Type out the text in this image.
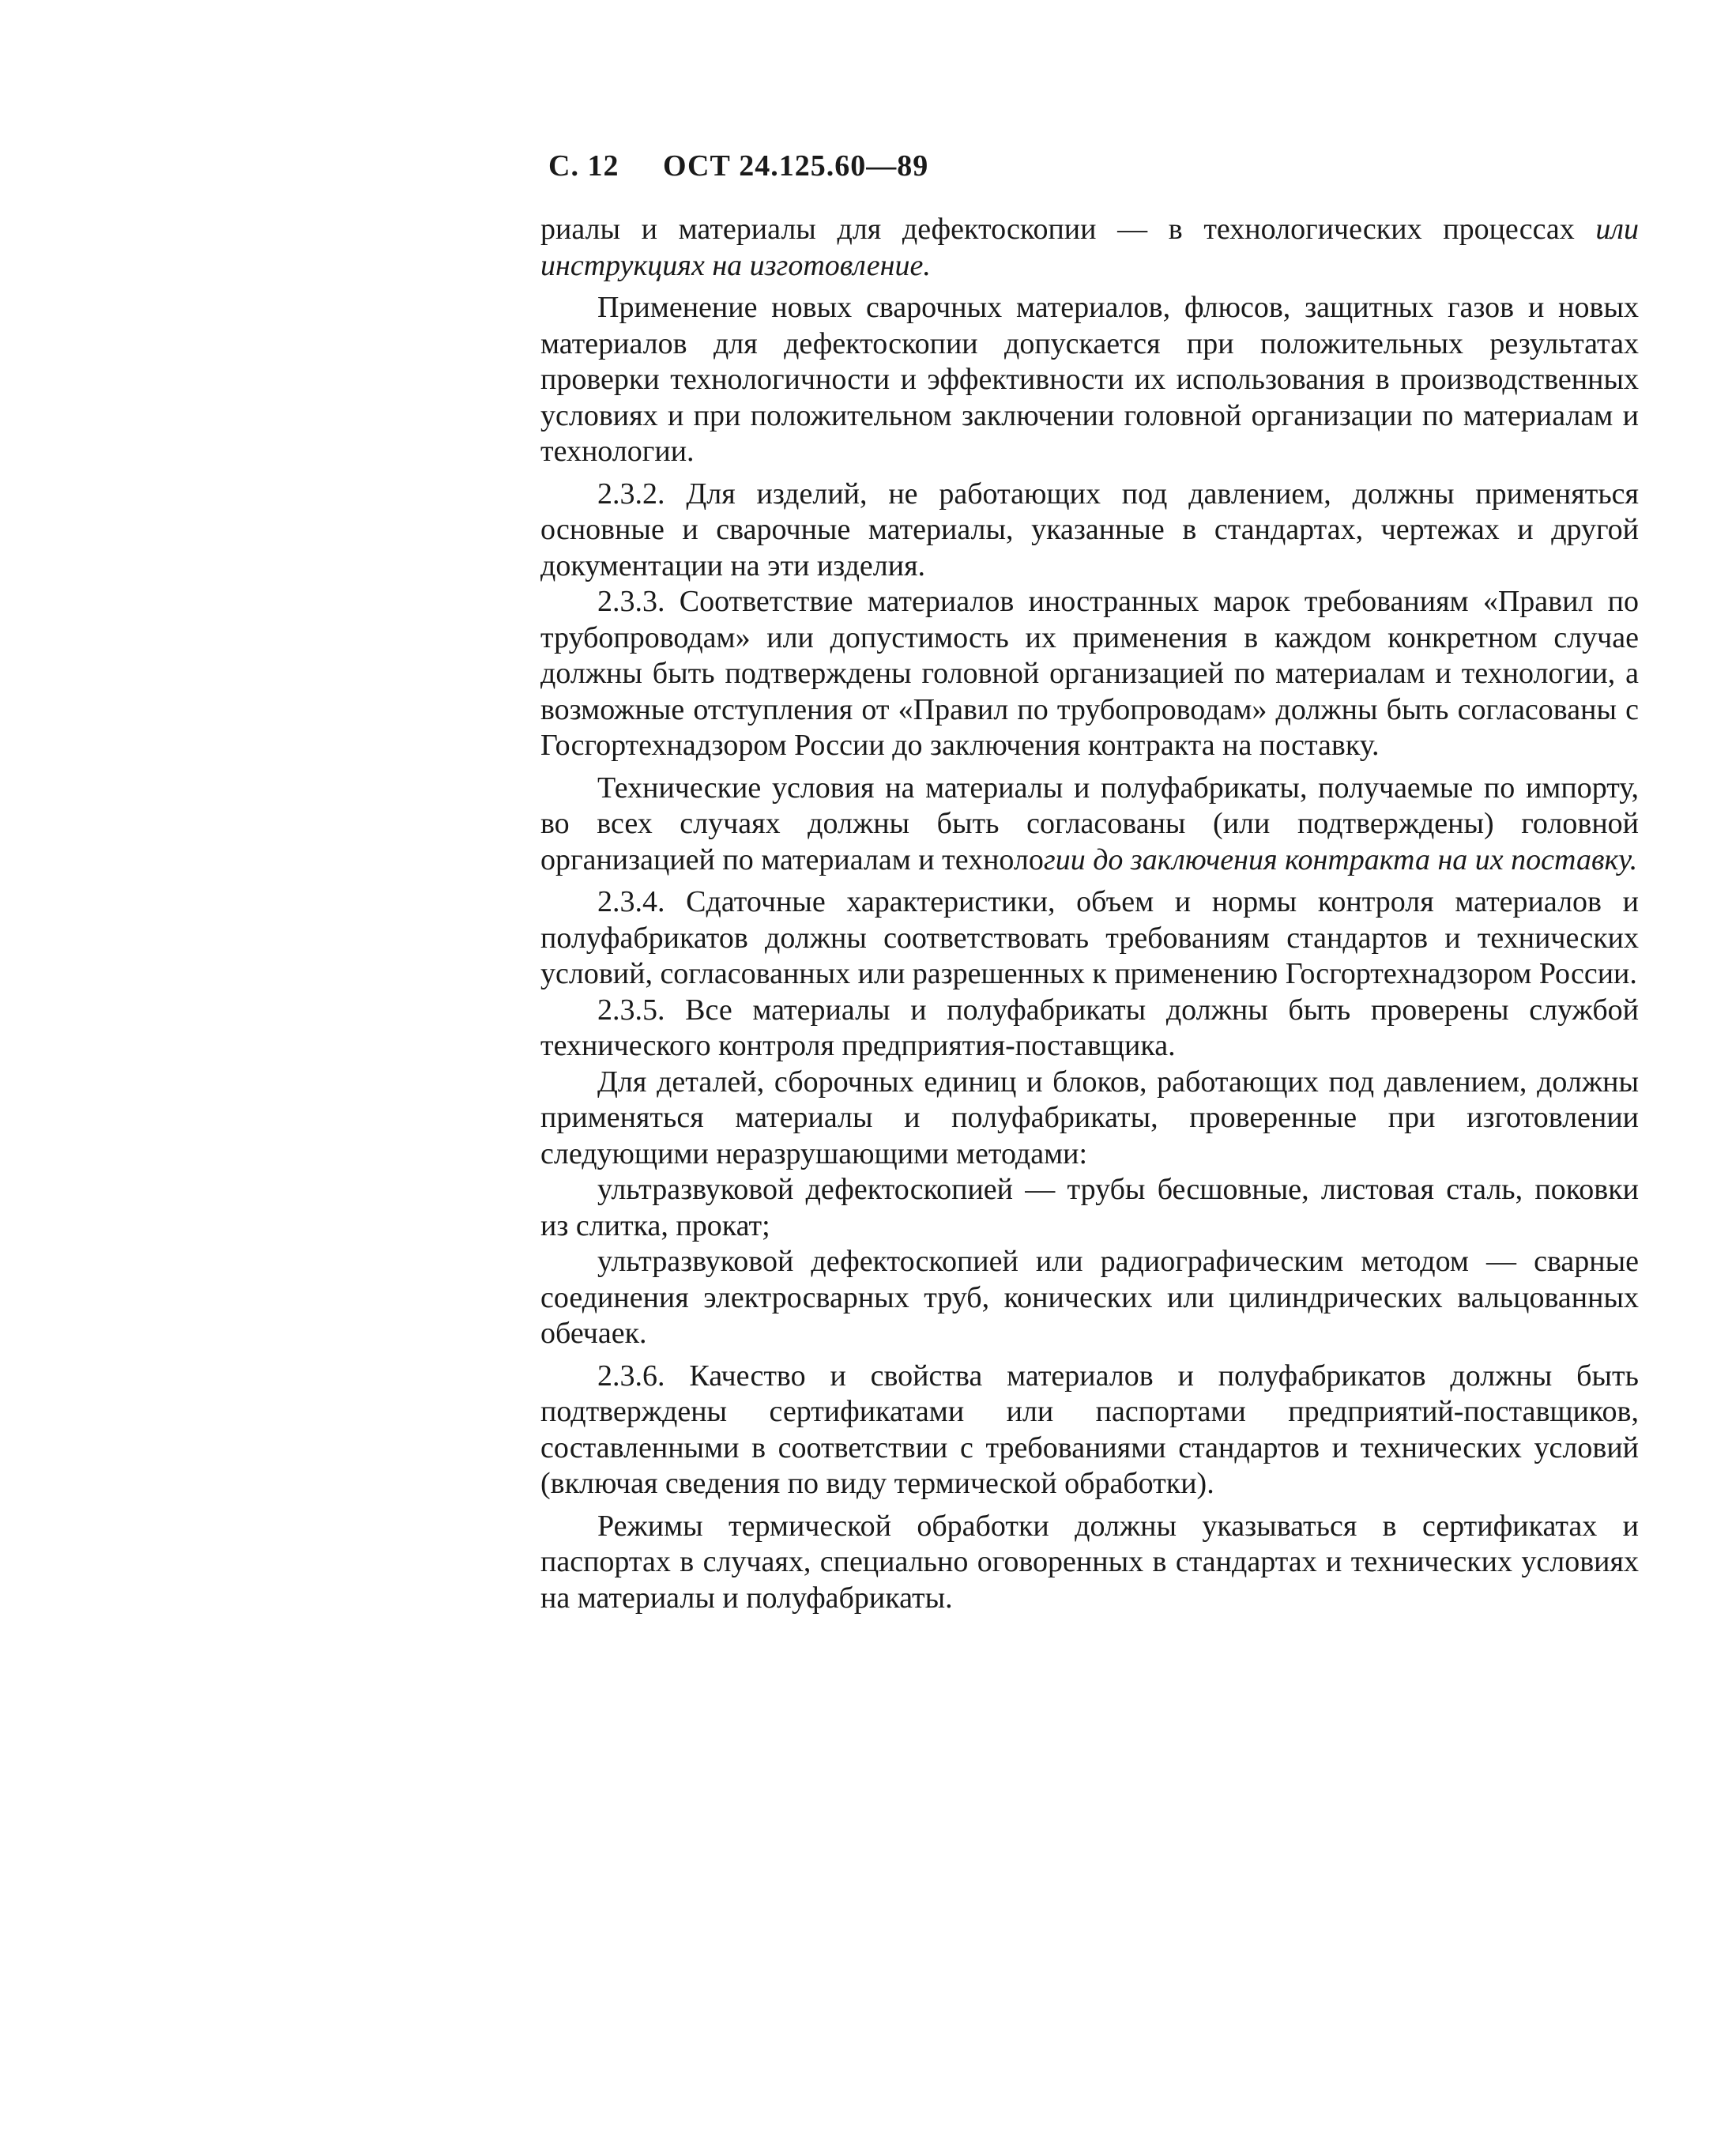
С. 12 ОСТ 24.125.60—89

риалы и материалы для дефектоскопии — в технологических процессах или инструкциях на изготовление.

Применение новых сварочных материалов, флюсов, защитных газов и новых материалов для дефектоскопии допускается при положительных результатах проверки технологичности и эффективности их использования в производственных условиях и при положительном заключении головной организации по материалам и технологии.

2.3.2. Для изделий, не работающих под давлением, должны применяться основные и сварочные материалы, указанные в стандартах, чертежах и другой документации на эти изделия.

2.3.3. Соответствие материалов иностранных марок требованиям «Правил по трубопроводам» или допустимость их применения в каждом конкретном случае должны быть подтверждены головной организацией по материалам и технологии, а возможные отступления от «Правил по трубопроводам» должны быть согласованы с Госгортехнадзором России до заключения контракта на поставку.

Технические условия на материалы и полуфабрикаты, получаемые по импорту, во всех случаях должны быть согласованы (или подтверждены) головной организацией по материалам и технологии до заключения контракта на их поставку.

2.3.4. Сдаточные характеристики, объем и нормы контроля материалов и полуфабрикатов должны соответствовать требованиям стандартов и технических условий, согласованных или разрешенных к применению Госгортехнадзором России.

2.3.5. Все материалы и полуфабрикаты должны быть проверены службой технического контроля предприятия-поставщика.

Для деталей, сборочных единиц и блоков, работающих под давлением, должны применяться материалы и полуфабрикаты, проверенные при изготовлении следующими неразрушающими методами:

ультразвуковой дефектоскопией — трубы бесшовные, листовая сталь, поковки из слитка, прокат;

ультразвуковой дефектоскопией или радиографическим методом — сварные соединения электросварных труб, конических или цилиндрических вальцованных обечаек.

2.3.6. Качество и свойства материалов и полуфабрикатов должны быть подтверждены сертификатами или паспортами предприятий-поставщиков, составленными в соответствии с требованиями стандартов и технических условий (включая сведения по виду термической обработки).

Режимы термической обработки должны указываться в сертификатах и паспортах в случаях, специально оговоренных в стандартах и технических условиях на материалы и полуфабрикаты.
